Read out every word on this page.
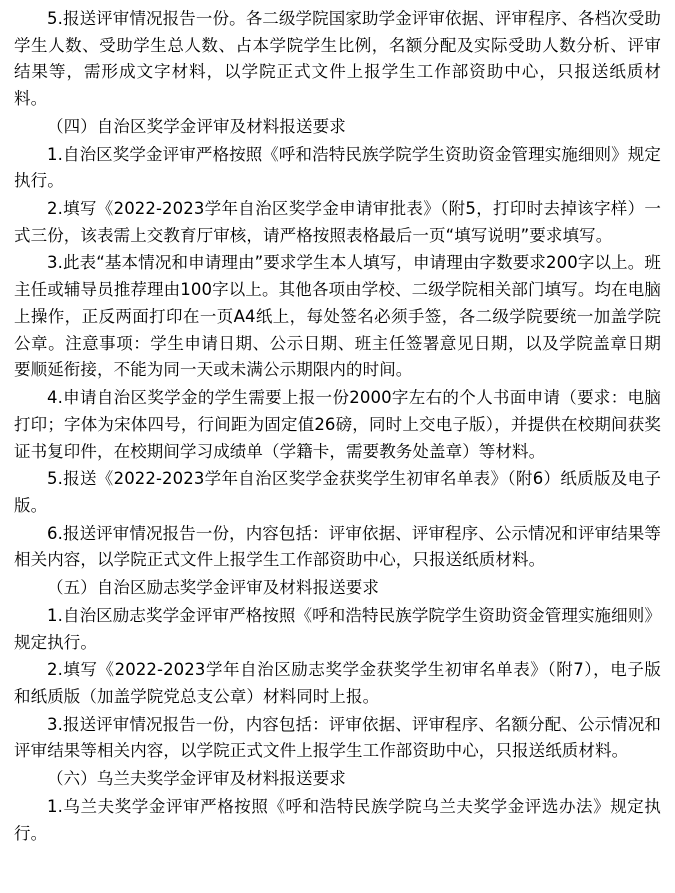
5.报送评审情况报告一份。各二级学院国家助学金评审依据、评审程序、各档次受助学生人数、受助学生总人数、占本学院学生比例，名额分配及实际受助人数分析、评审结果等，需形成文字材料，以学院正式文件上报学生工作部资助中心，只报送纸质材料。

（四）自治区奖学金评审及材料报送要求

1.自治区奖学金评审严格按照《呼和浩特民族学院学生资助资金管理实施细则》规定执行。

2.填写《2022-2023学年自治区奖学金申请审批表》（附5，打印时去掉该字样）一式三份，该表需上交教育厅审核，请严格按照表格最后一页“填写说明”要求填写。

3.此表“基本情况和申请理由”要求学生本人填写，申请理由字数要求200字以上。班主任或辅导员推荐理由100字以上。其他各项由学校、二级学院相关部门填写。均在电脑上操作，正反两面打印在一页A4纸上，每处签名必须手签，各二级学院要统一加盖学院公章。注意事项：学生申请日期、公示日期、班主任签署意见日期，以及学院盖章日期要顺延衔接，不能为同一天或未满公示期限内的时间。

4.申请自治区奖学金的学生需要上报一份2000字左右的个人书面申请（要求：电脑打印；字体为宋体四号，行间距为固定值26磅，同时上交电子版），并提供在校期间获奖证书复印件，在校期间学习成绩单（学籍卡，需要教务处盖章）等材料。

5.报送《2022-2023学年自治区奖学金获奖学生初审名单表》（附6）纸质版及电子版。

6.报送评审情况报告一份，内容包括：评审依据、评审程序、公示情况和评审结果等相关内容，以学院正式文件上报学生工作部资助中心，只报送纸质材料。

（五）自治区励志奖学金评审及材料报送要求

1.自治区励志奖学金评审严格按照《呼和浩特民族学院学生资助资金管理实施细则》规定执行。

2.填写《2022-2023学年自治区励志奖学金获奖学生初审名单表》（附7），电子版和纸质版（加盖学院党总支公章）材料同时上报。

3.报送评审情况报告一份，内容包括：评审依据、评审程序、名额分配、公示情况和评审结果等相关内容，以学院正式文件上报学生工作部资助中心，只报送纸质材料。

（六）乌兰夫奖学金评审及材料报送要求

1.乌兰夫奖学金评审严格按照《呼和浩特民族学院乌兰夫奖学金评选办法》规定执行。
